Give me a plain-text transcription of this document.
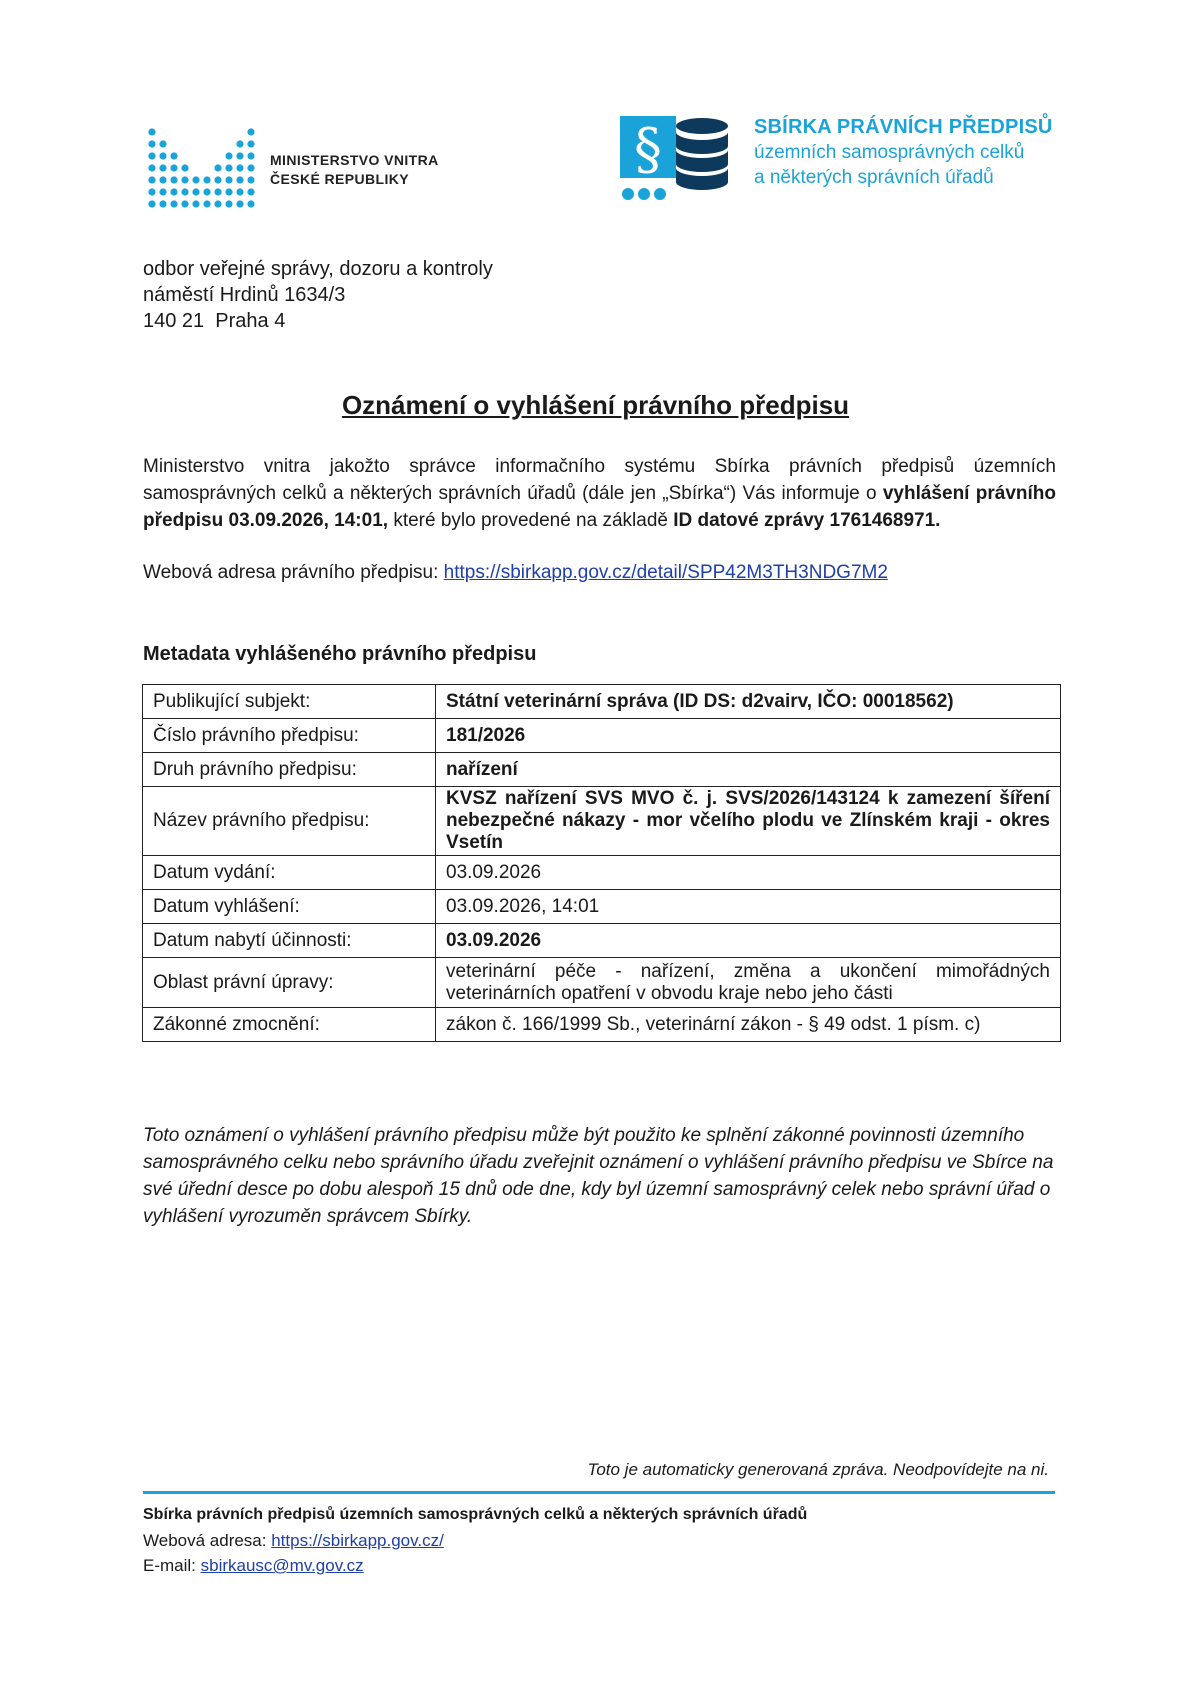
MINISTERSTVO VNITRA
ČESKÉ REPUBLIKY	§	SBÍRKA PRÁVNÍCH PŘEDPISŮ
územních samosprávných celků
a některých správních úřadů
odbor veřejné správy, dozoru a kontroly
náměstí Hrdinů 1634/3
140 21  Praha 4
Oznámení o vyhlášení právního předpisu
Ministerstvo vnitra jakožto správce informačního systému Sbírka právních předpisů územních samosprávných celků a některých správních úřadů (dále jen „Sbírka“) Vás informuje o vyhlášení právního předpisu 03.09.2026, 14:01, které bylo provedené na základě ID datové zprávy 1761468971.
Webová adresa právního předpisu: https://sbirkapp.gov.cz/detail/SPP42M3TH3NDG7M2
Metadata vyhlášeného právního předpisu
Publikující subjekt:	Státní veterinární správa (ID DS: d2vairv, IČO: 00018562)
Číslo právního předpisu:	181/2026
Druh právního předpisu:	nařízení
Název právního předpisu:	KVSZ nařízení SVS MVO č. j. SVS/2026/143124 k zamezení šíření nebezpečné nákazy - mor včelího plodu ve Zlínském kraji - okres Vsetín
Datum vydání:	03.09.2026
Datum vyhlášení:	03.09.2026, 14:01
Datum nabytí účinnosti:	03.09.2026
Oblast právní úpravy:	veterinární péče - nařízení, změna a ukončení mimořádných veterinárních opatření v obvodu kraje nebo jeho části
Zákonné zmocnění:	zákon č. 166/1999 Sb., veterinární zákon - § 49 odst. 1 písm. c)
Toto oznámení o vyhlášení právního předpisu může být použito ke splnění zákonné povinnosti územního samosprávného celku nebo správního úřadu zveřejnit oznámení o vyhlášení právního předpisu ve Sbírce na své úřední desce po dobu alespoň 15 dnů ode dne, kdy byl územní samosprávný celek nebo správní úřad o vyhlášení vyrozuměn správcem Sbírky.
Toto je automaticky generovaná zpráva. Neodpovídejte na ni.
Sbírka právních předpisů územních samosprávných celků a některých správních úřadů
Webová adresa: https://sbirkapp.gov.cz/
E-mail: sbirkausc@mv.gov.cz
